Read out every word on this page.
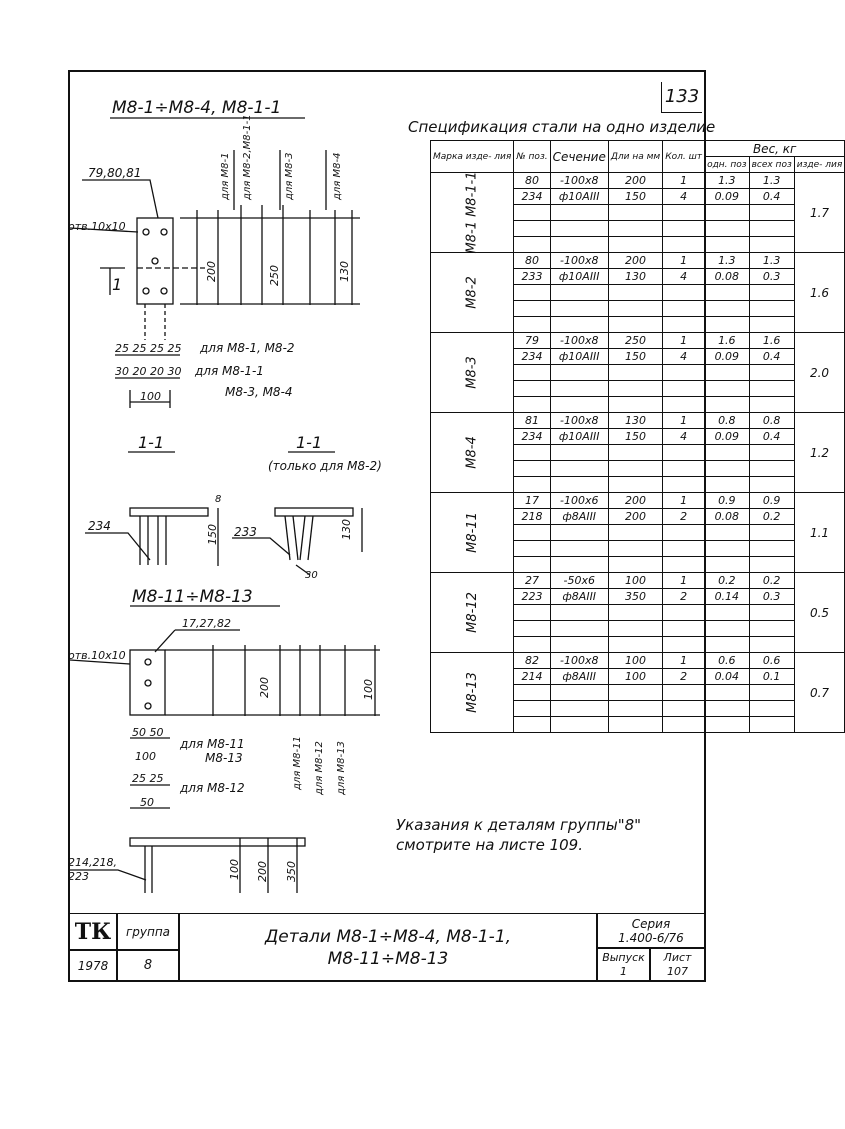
133
M8-1÷M8-4, M8-1-1
79,80,81
отв.10x10
1
для М8-1 для М8-2,М8-1-1	для М8-3	для М8-4
200	250	130
25 25 25 25 для М8-1, М8-2
30 20 20 30 для М8-1-1
М8-3, М8-4
100
1-1	1-1
(только для М8-2)
234	233
150	130
8
30
M8-11÷M8-13
17,27,82
отв.10x10
200	100
для М8-11 для М8-12 для М8-13
50 50
для М8-11
М8-13
100
25 25
для М8-12
50
214,218,
223	100 200 350
Указания к деталям группы"8"
смотрите на листе 109.
Спецификация стали на одно изделие
Марка изде- лия	№ поз.	Сечение	Дли на мм	Кол. шт	Вес, кг		
					одн. поз	всех поз	изде- лия
М8-1 М8-1-1	80	-100x8	200	1	1.3	1.3	1.7
	234	ф10АIII	150	4	0.09	0.4	

М8-2	80	-100x8	200	1	1.3	1.3	1.6
	233	ф10АIII	130	4	0.08	0.3	

М8-3	79	-100x8	250	1	1.6	1.6	2.0
	234	ф10АIII	150	4	0.09	0.4	

М8-4	81	-100x8	130	1	0.8	0.8	1.2
	234	ф10АIII	150	4	0.09	0.4	

М8-11	17	-100x6	200	1	0.9	0.9	1.1
	218	ф8АIII	200	2	0.08	0.2	

М8-12	27	-50x6	100	1	0.2	0.2	0.5
	223	ф8АIII	350	2	0.14	0.3	

М8-13	82	-100x8	100	1	0.6	0.6	0.7
	214	ф8АIII	100	2	0.04	0.1	

ТК	группа
1978	8
Детали М8-1÷М8-4, М8-1-1,
М8-11÷М8-13
Серия
1.400-6/76
Выпуск
1
Лист
107
